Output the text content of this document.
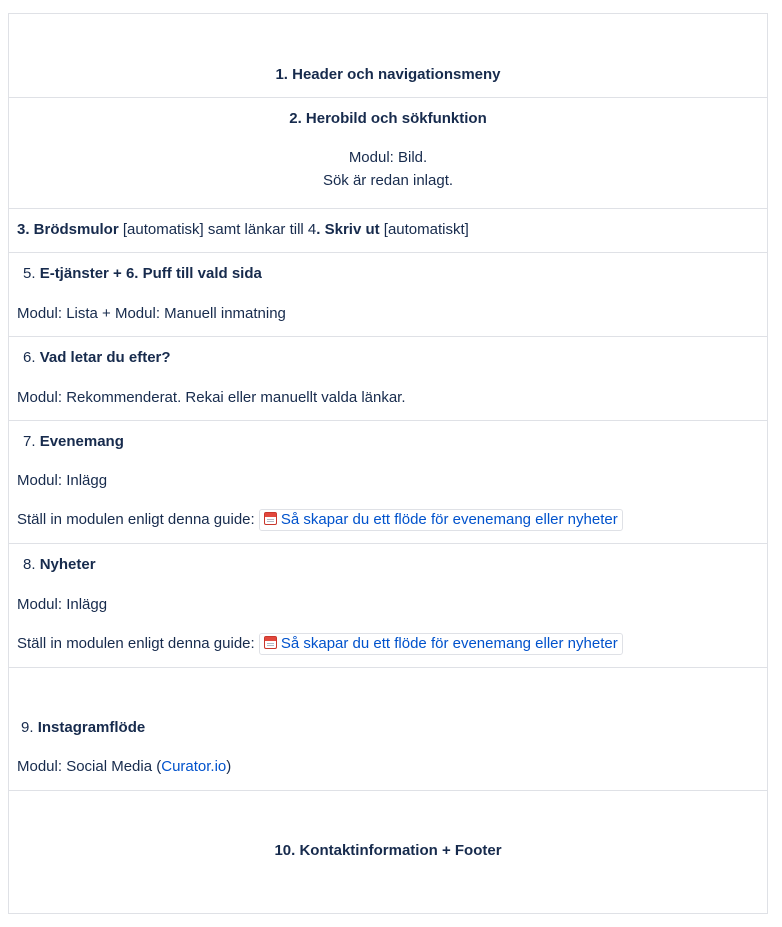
1. Header och navigationsmeny

2. Herobild och sökfunktion

Modul: Bild.

Sök är redan inlagt.

3. Brödsmulor [automatisk] samt länkar till 4. Skriv ut [automatiskt]

5. E-tjänster + 6. Puff till vald sida

Modul: Lista + Modul: Manuell inmatning

6. Vad letar du efter?

Modul: Rekommenderat. Rekai eller manuellt valda länkar.

7. Evenemang

Modul: Inlägg

Ställ in modulen enligt denna guide: Så skapar du ett flöde för evenemang eller nyheter

8. Nyheter

Modul: Inlägg

Ställ in modulen enligt denna guide: Så skapar du ett flöde för evenemang eller nyheter

9. Instagramflöde

Modul: Social Media (Curator.io)

10. Kontaktinformation + Footer
